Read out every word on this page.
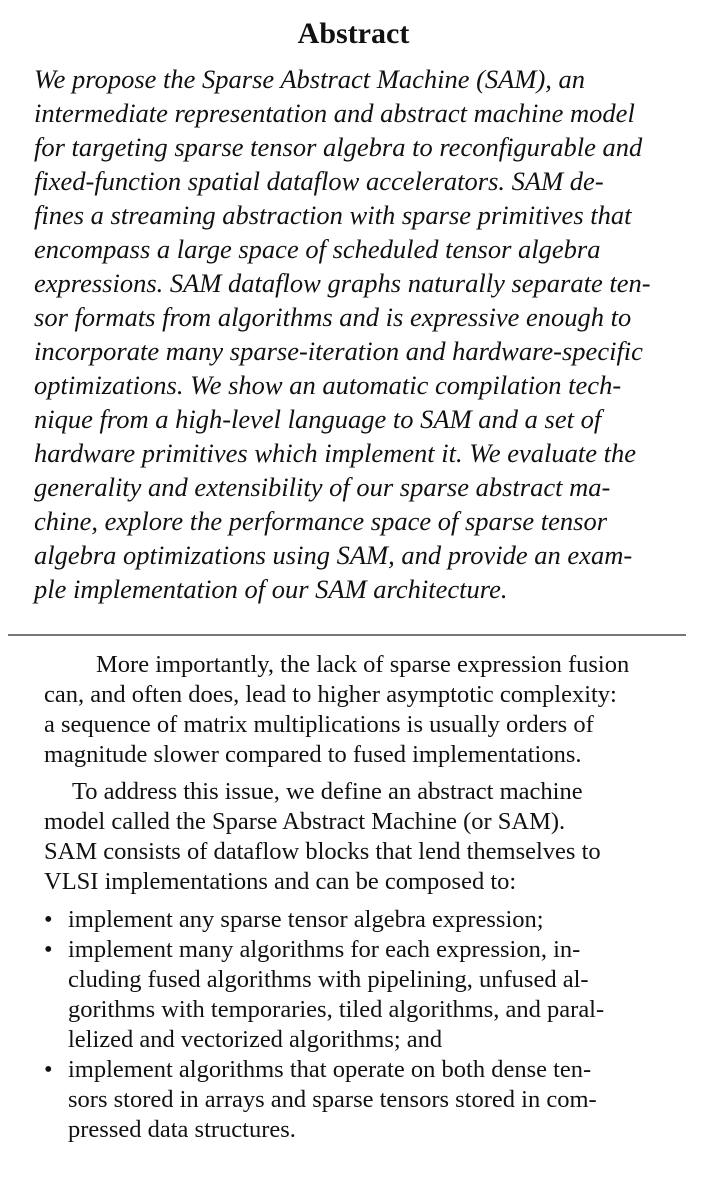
Abstract
We propose the Sparse Abstract Machine (SAM), an
intermediate representation and abstract machine model
for targeting sparse tensor algebra to reconfigurable and
fixed-function spatial dataflow accelerators. SAM de-
fines a streaming abstraction with sparse primitives that
encompass a large space of scheduled tensor algebra
expressions. SAM dataflow graphs naturally separate ten-
sor formats from algorithms and is expressive enough to
incorporate many sparse-iteration and hardware-specific
optimizations. We show an automatic compilation tech-
nique from a high-level language to SAM and a set of
hardware primitives which implement it. We evaluate the
generality and extensibility of our sparse abstract ma-
chine, explore the performance space of sparse tensor
algebra optimizations using SAM, and provide an exam-
ple implementation of our SAM architecture.
More importantly, the lack of sparse expression fusion
can, and often does, lead to higher asymptotic complexity:
a sequence of matrix multiplications is usually orders of
magnitude slower compared to fused implementations.
To address this issue, we define an abstract machine
model called the Sparse Abstract Machine (or SAM).
SAM consists of dataflow blocks that lend themselves to
VLSI implementations and can be composed to:
• implement any sparse tensor algebra expression;
• implement many algorithms for each expression, in-
cluding fused algorithms with pipelining, unfused al-
gorithms with temporaries, tiled algorithms, and paral-
lelized and vectorized algorithms; and
• implement algorithms that operate on both dense ten-
sors stored in arrays and sparse tensors stored in com-
pressed data structures.
